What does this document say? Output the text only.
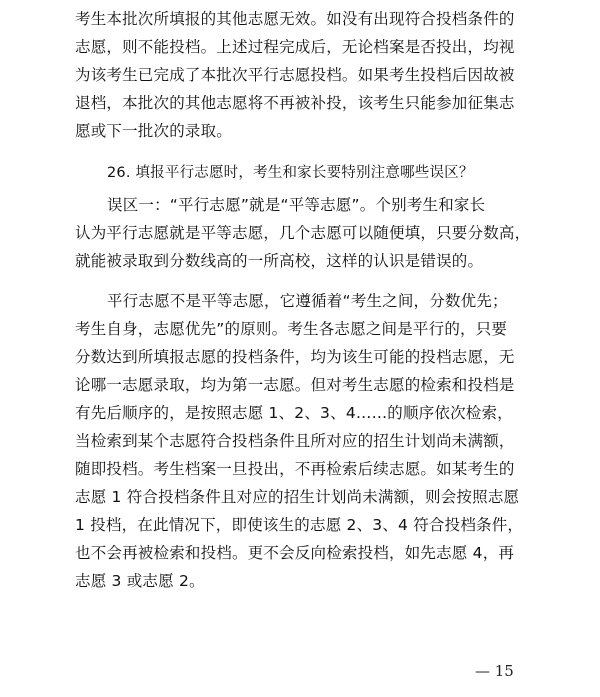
考生本批次所填报的其他志愿无效。如没有出现符合投档条件的
志愿，则不能投档。上述过程完成后，无论档案是否投出，均视
为该考生已完成了本批次平行志愿投档。如果考生投档后因故被
退档，本批次的其他志愿将不再被补投，该考生只能参加征集志
愿或下一批次的录取。
26. 填报平行志愿时，考生和家长要特别注意哪些误区？
误区一：“平行志愿”就是“平等志愿”。个别考生和家长
认为平行志愿就是平等志愿，几个志愿可以随便填，只要分数高，
就能被录取到分数线高的一所高校，这样的认识是错误的。
平行志愿不是平等志愿，它遵循着“考生之间，分数优先；
考生自身，志愿优先”的原则。考生各志愿之间是平行的，只要
分数达到所填报志愿的投档条件，均为该生可能的投档志愿，无
论哪一志愿录取，均为第一志愿。但对考生志愿的检索和投档是
有先后顺序的，是按照志愿 1、2、3、4……的顺序依次检索，
当检索到某个志愿符合投档条件且所对应的招生计划尚未满额，
随即投档。考生档案一旦投出，不再检索后续志愿。如某考生的
志愿 1 符合投档条件且对应的招生计划尚未满额，则会按照志愿
1 投档，在此情况下，即使该生的志愿 2、3、4 符合投档条件，
也不会再被检索和投档。更不会反向检索投档，如先志愿 4，再
志愿 3 或志愿 2。
— 15
